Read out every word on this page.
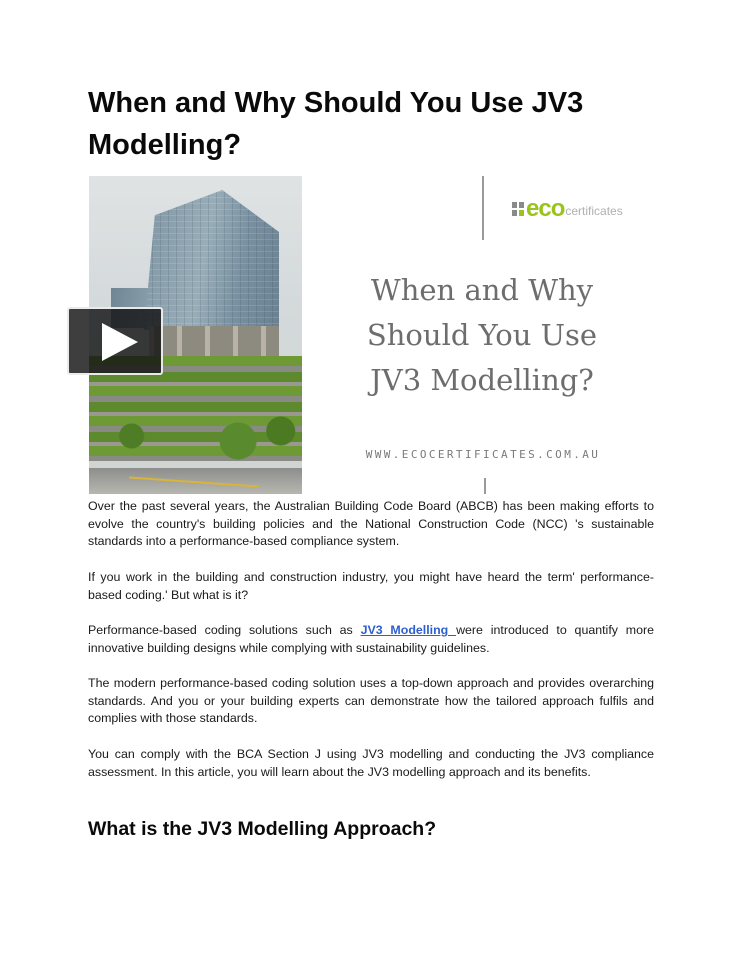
When and Why Should You Use JV3 Modelling?
eco certificates
When and Why
Should You Use
JV3 Modelling?
WWW.ECOCERTIFICATES.COM.AU

Over the past several years, the Australian Building Code Board (ABCB) has been making efforts to evolve the country's building policies and the National Construction Code (NCC) 's sustainable standards into a performance-based compliance system.

If you work in the building and construction industry, you might have heard the term' performance-based coding.' But what is it?

Performance-based coding solutions such as JV3 Modelling were introduced to quantify more innovative building designs while complying with sustainability guidelines.

The modern performance-based coding solution uses a top-down approach and provides overarching standards. And you or your building experts can demonstrate how the tailored approach fulfils and complies with those standards.

You can comply with the BCA Section J using JV3 modelling and conducting the JV3 compliance assessment. In this article, you will learn about the JV3 modelling approach and its benefits.

What is the JV3 Modelling Approach?
